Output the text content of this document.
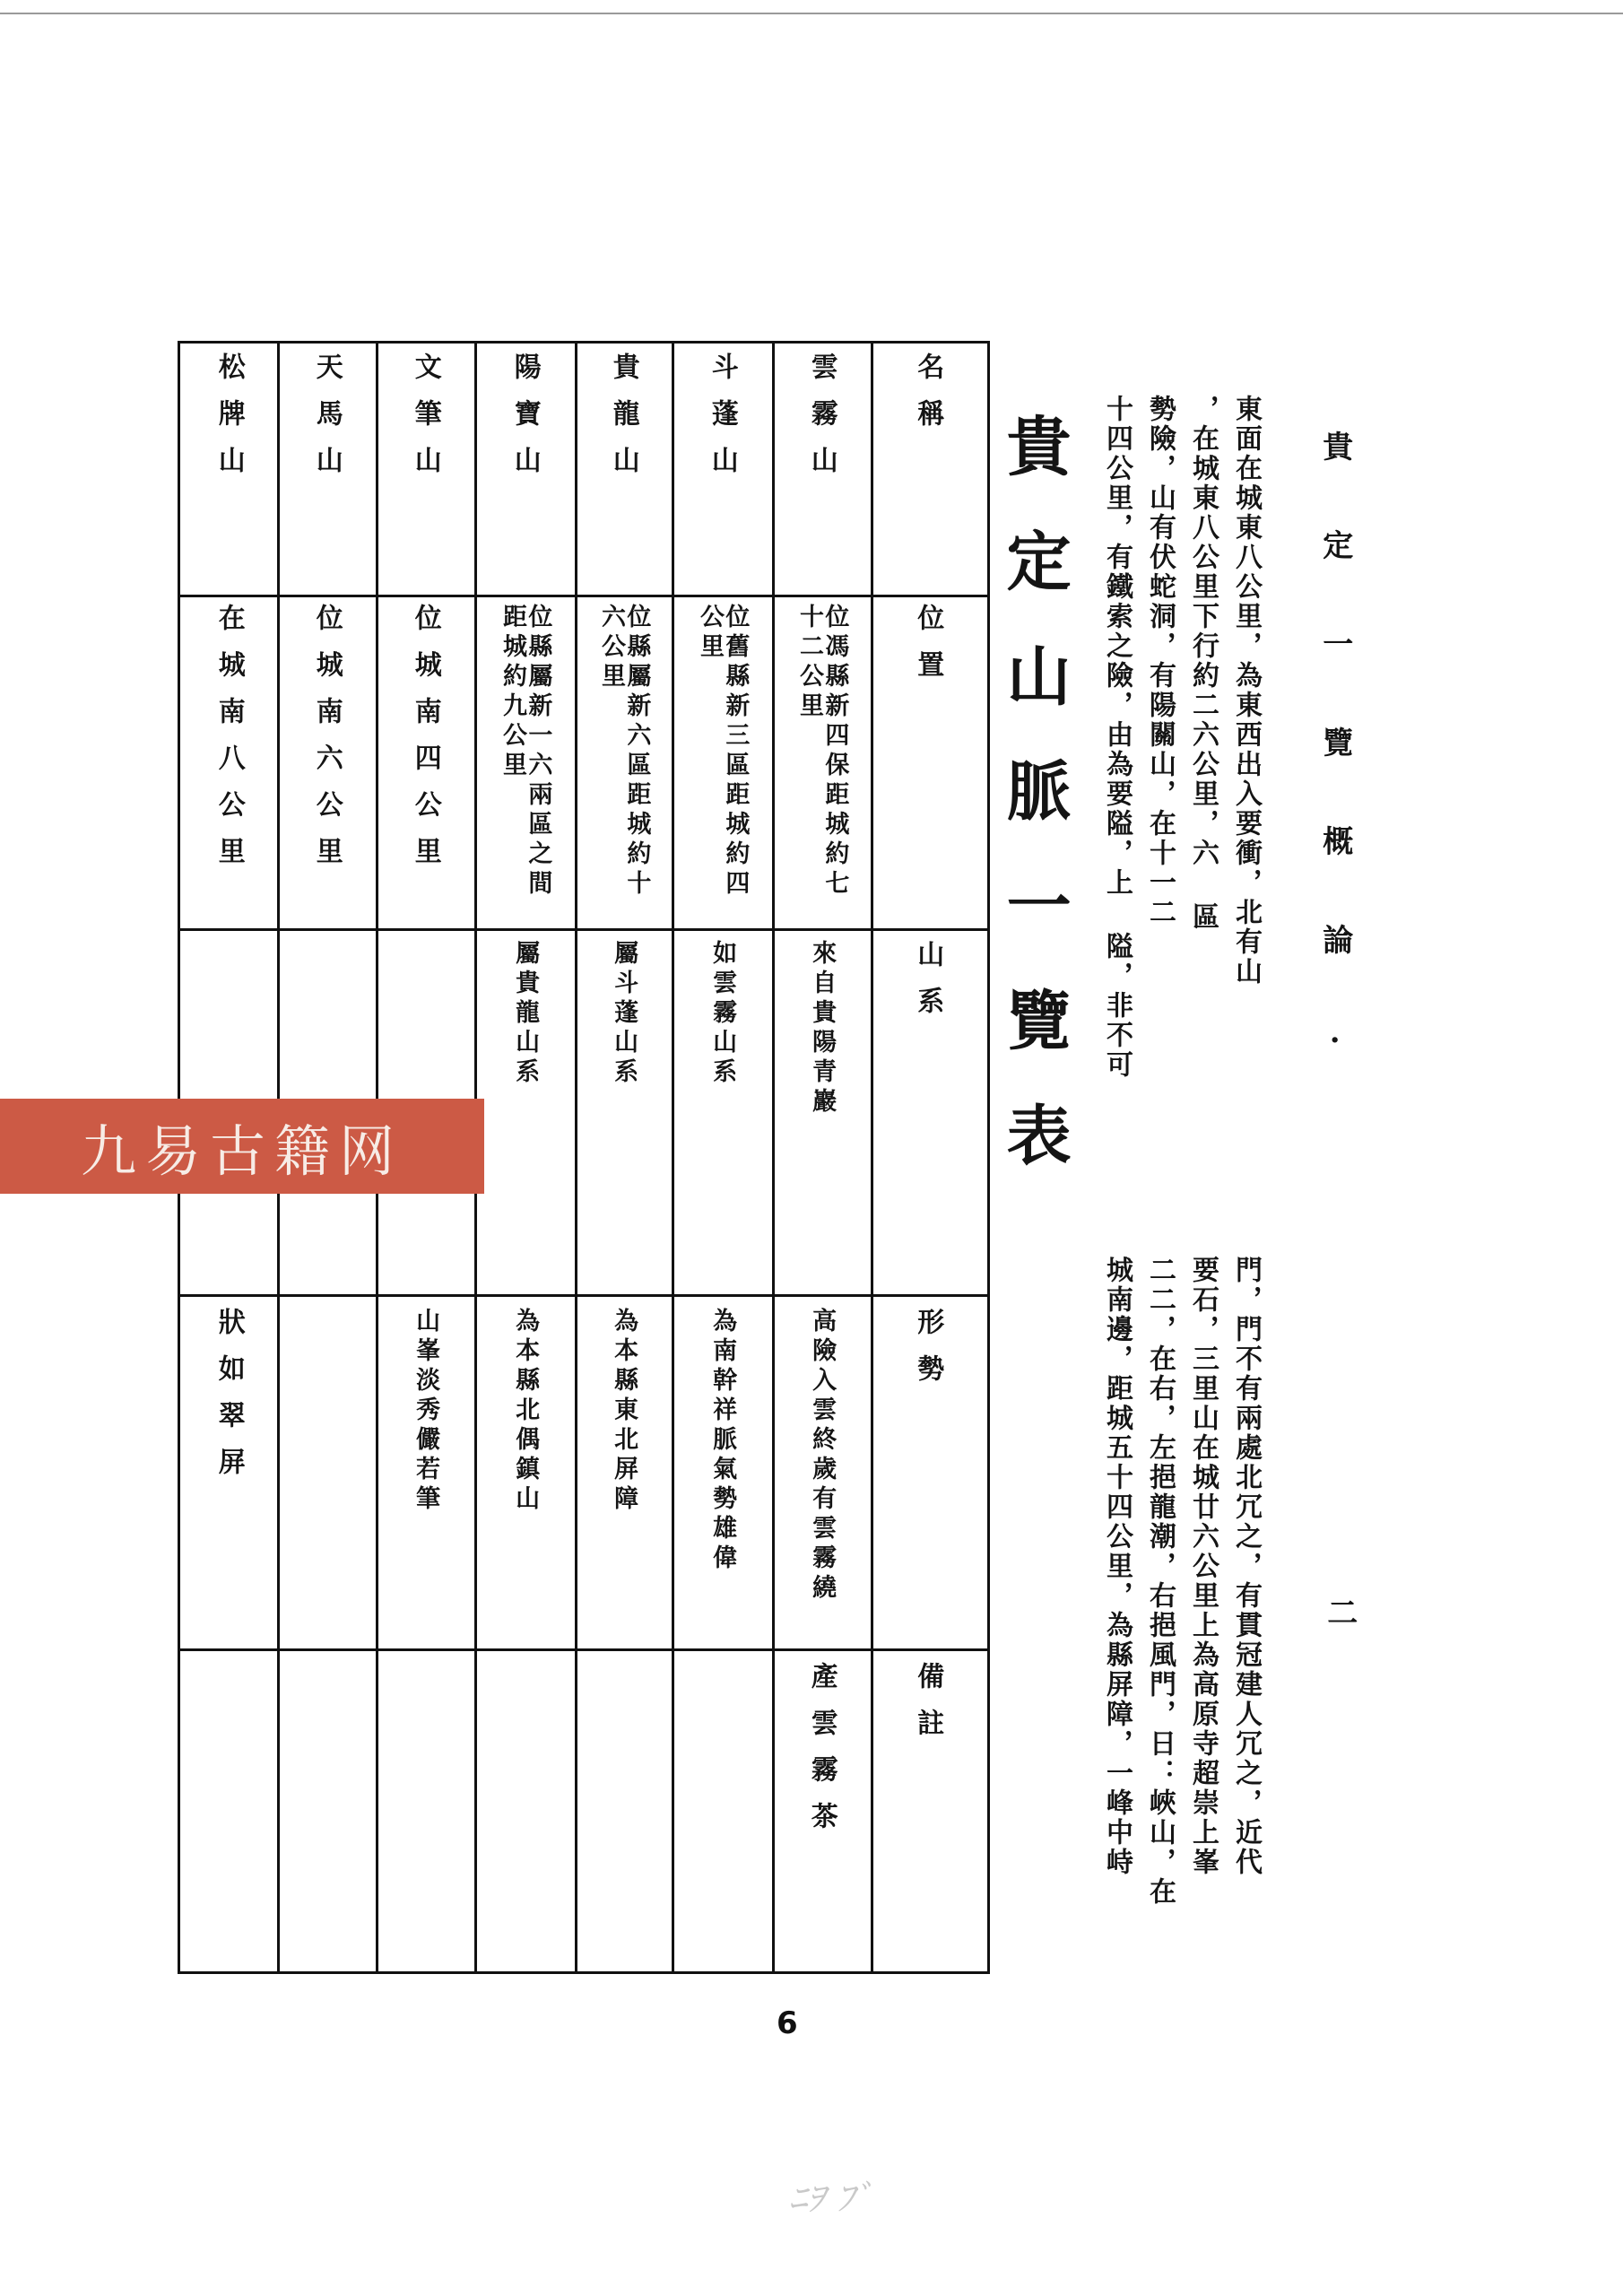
貴 定 一 覽 概 論 ·
二
東面在城東八公里，為東西出入要衝，北有山
門，門不有兩處北冗之，有貫冠建人冗之，近代
，在城東八公里下行約二六公里，六 區
要石，三里山在城廿六公里上為高原寺超崇上峯
勢險，山有伏蛇洞，有陽關山，在十一二
二二，在右，左挹龍潮，右挹風門，日：峽山，在
十四公里，有鐵索之險，由為要隘，上 隘，非不可
城南邊，距城五十四公里，為縣屏障，一峰中峙
貴定山脈一覽表
名稱
位置
山系
形勢
備註
雲霧山
位馮縣新四保距城約七十二公里
來自貴陽青巖
高險入雲終歲有雲霧繞
產雲霧茶
斗蓬山
位舊縣新三區距城約四公里
如雲霧山系
為南幹祥脈氣勢雄偉
貴龍山
位縣屬新六區距城約十六公里
屬斗蓬山系
為本縣東北屏障
陽寶山
位縣屬新一六兩區之間距城約九公里
屬貴龍山系
為本縣北偶鎮山
文筆山
位城南四公里
山峯淡秀儼若筆
天馬山
位城南六公里
松牌山
在城南八公里
狀如翠屏
6
九易古籍网
ﾆｦ ﾌﾞ
